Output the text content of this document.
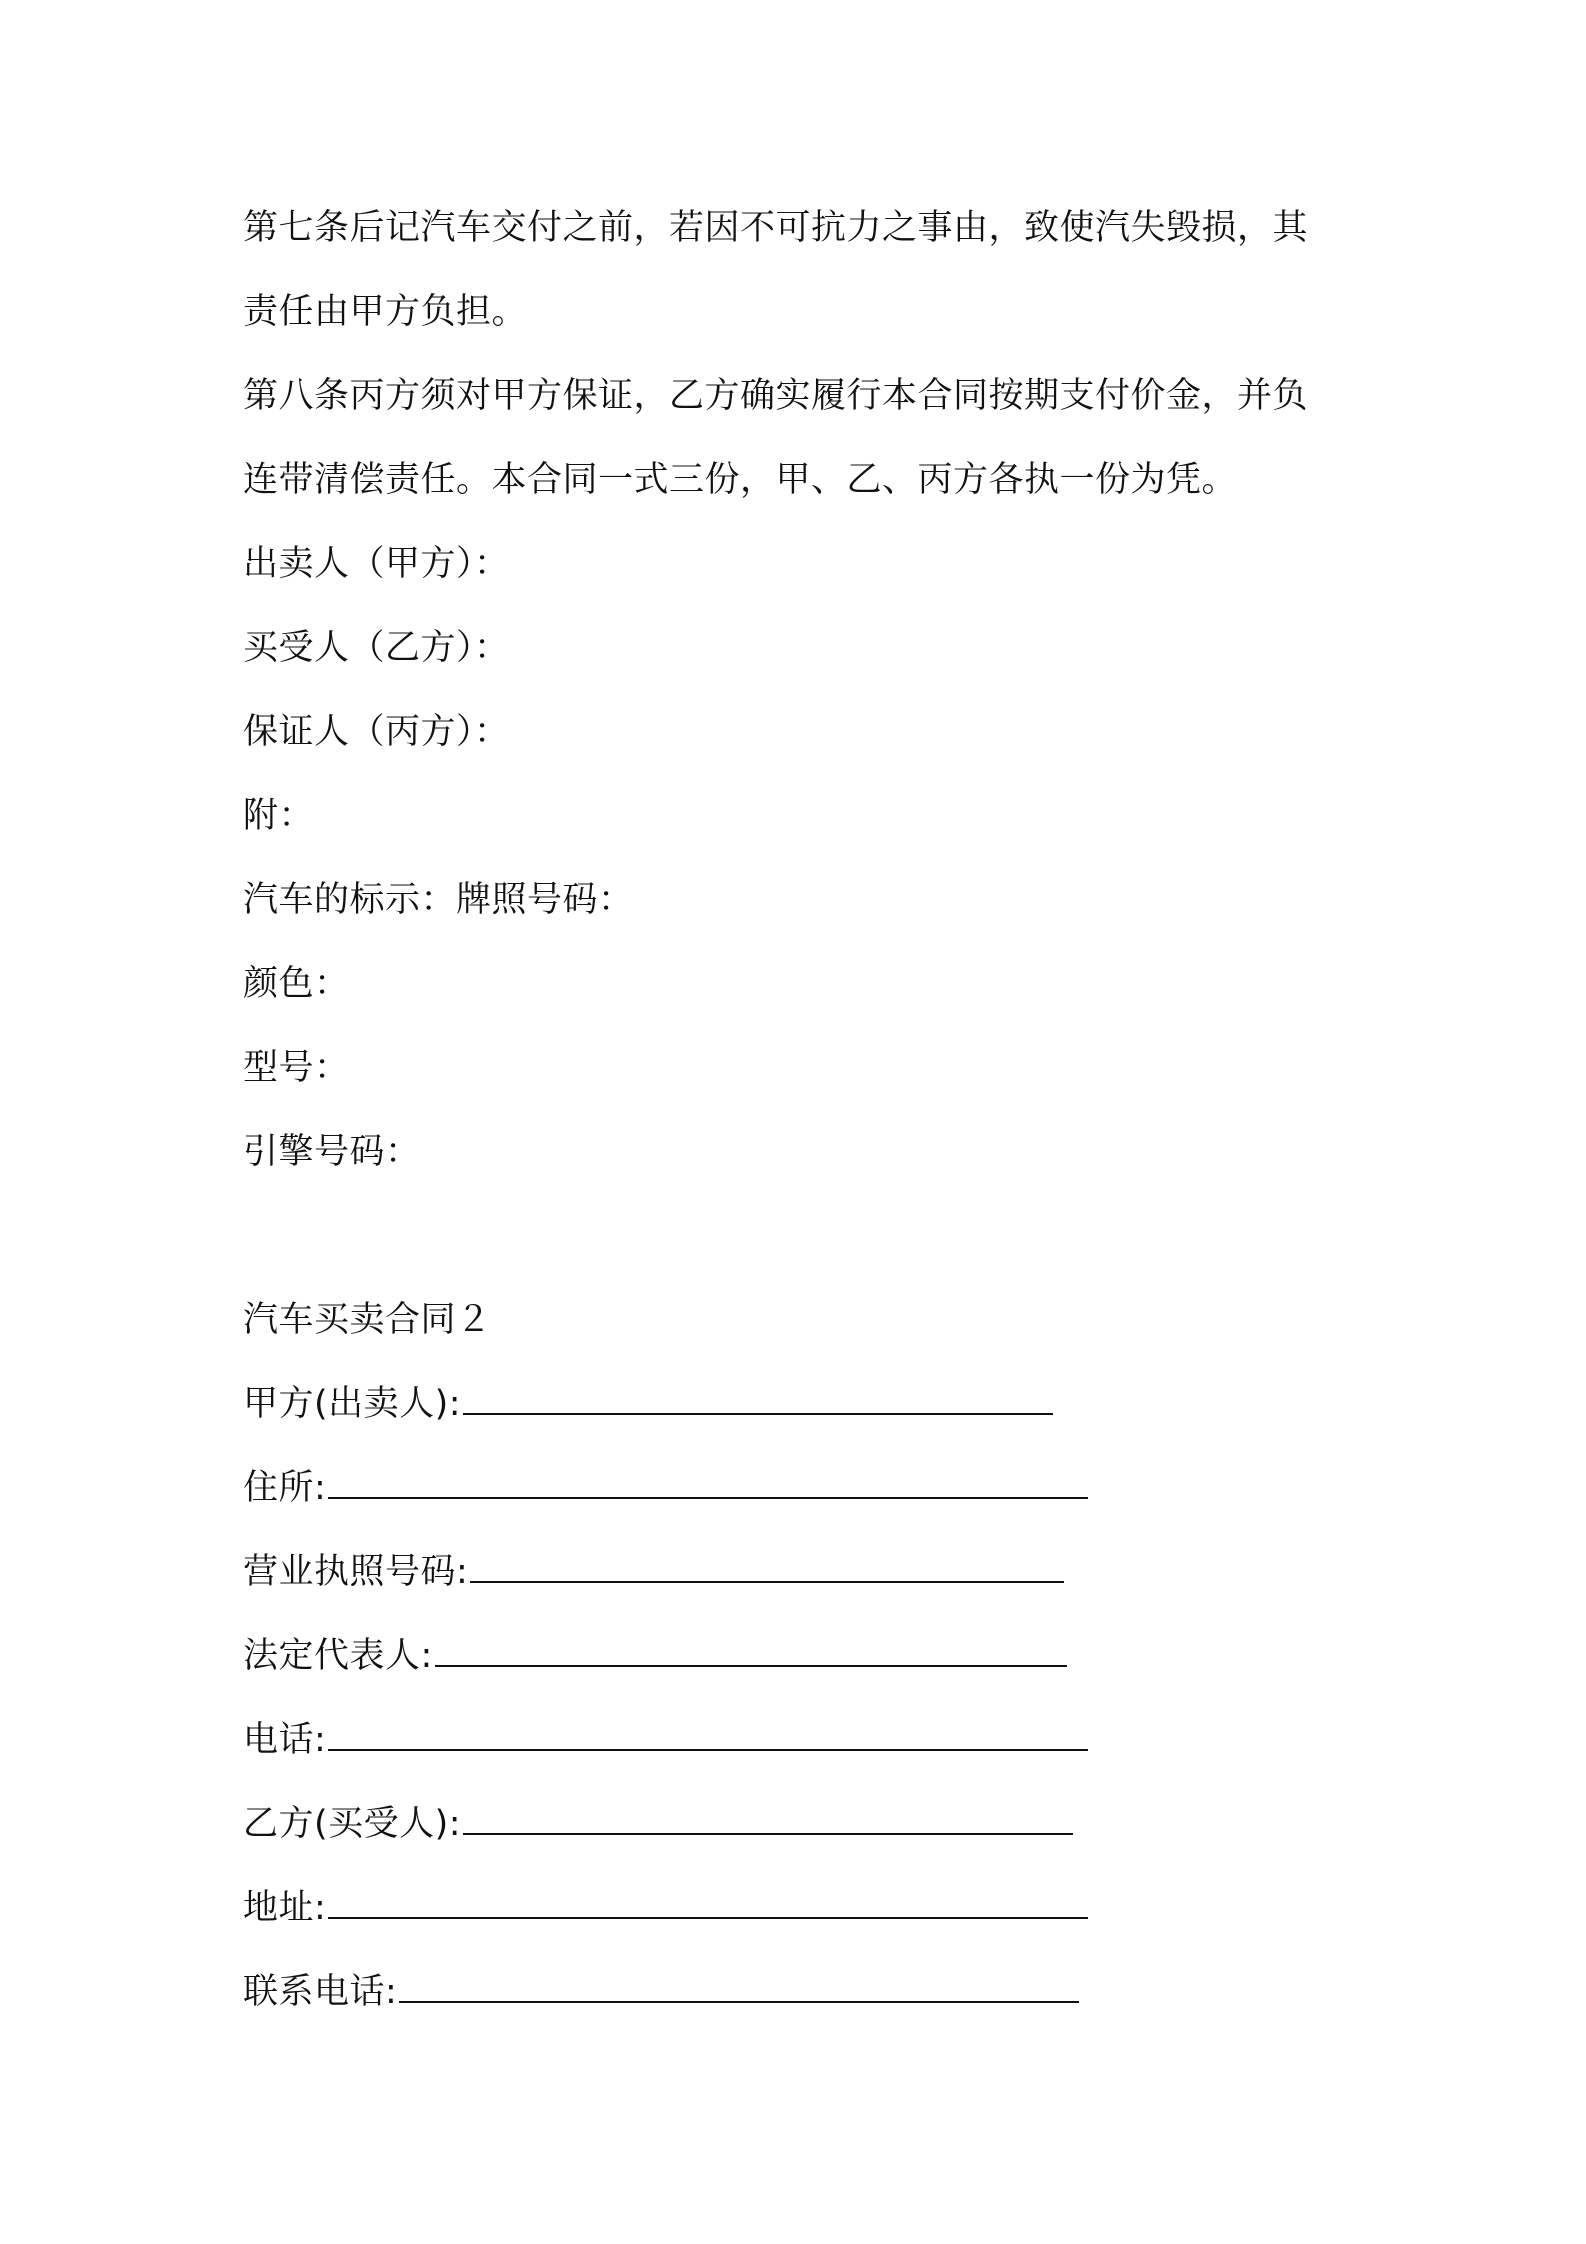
第七条后记汽车交付之前，若因不可抗力之事由，致使汽失毁损，其
责任由甲方负担。
第八条丙方须对甲方保证，乙方确实履行本合同按期支付价金，并负
连带清偿责任。本合同一式三份，甲、乙、丙方各执一份为凭。
出卖人（甲方）：
买受人（乙方）：
保证人（丙方）：
附：
汽车的标示：牌照号码：
颜色：
型号：
引擎号码：
汽车买卖合同２
甲方(出卖人):
住所:
营业执照号码:
法定代表人:
电话:
乙方(买受人):
地址:
联系电话:
